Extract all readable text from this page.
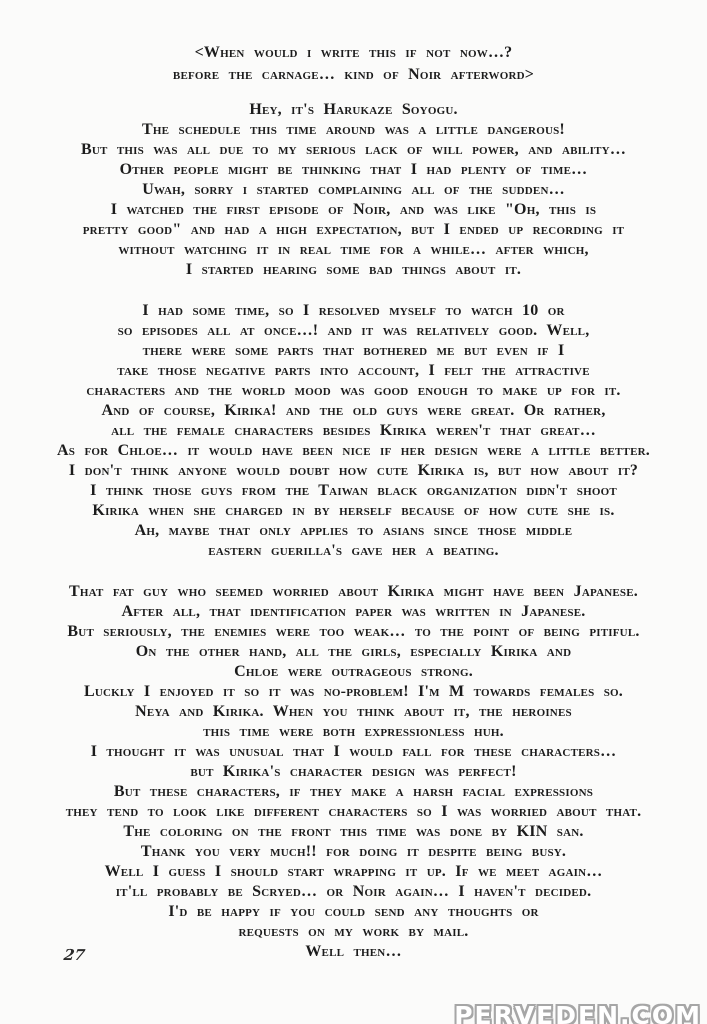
<When would i write this if not now…?
before the carnage… kind of Noir afterword>
Hey, it's Harukaze Soyogu.
The schedule this time around was a little dangerous!
But this was all due to my serious lack of will power, and ability…
Other people might be thinking that I had plenty of time…
Uwah, sorry i started complaining all of the sudden…
I watched the first episode of Noir, and was like "Oh, this is
pretty good" and had a high expectation, but I ended up recording it
without watching it in real time for a while… after which,
I started hearing some bad things about it.
I had some time, so I resolved myself to watch 10 or
so episodes all at once…! and it was relatively good. Well,
there were some parts that bothered me but even if I
take those negative parts into account, I felt the attractive
characters and the world mood was good enough to make up for it.
And of course, Kirika! and the old guys were great. Or rather,
all the female characters besides Kirika weren't that great…
As for Chloe… it would have been nice if her design were a little better.
I don't think anyone would doubt how cute Kirika is, but how about it?
I think those guys from the Taiwan black organization didn't shoot
Kirika when she charged in by herself because of how cute she is.
Ah, maybe that only applies to asians since those middle
eastern guerilla's gave her a beating.
That fat guy who seemed worried about Kirika might have been Japanese.
After all, that identification paper was written in Japanese.
But seriously, the enemies were too weak… to the point of being pitiful.
On the other hand, all the girls, especially Kirika and
Chloe were outrageous strong.
Luckly I enjoyed it so it was no-problem! I'm M towards females so.
Neya and Kirika. When you think about it, the heroines
this time were both expressionless huh.
I thought it was unusual that I would fall for these characters…
but Kirika's character design was perfect!
But these characters, if they make a harsh facial expressions
they tend to look like different characters so I was worried about that.
The coloring on the front this time was done by KIN san.
Thank you very much!! for doing it despite being busy.
Well I guess I should start wrapping it up. If we meet again…
it'll probably be Scryed… or Noir again… I haven't decided.
I'd be happy if you could send any thoughts or
requests on my work by mail.
Well then…
27
PERVEDEN.COM
